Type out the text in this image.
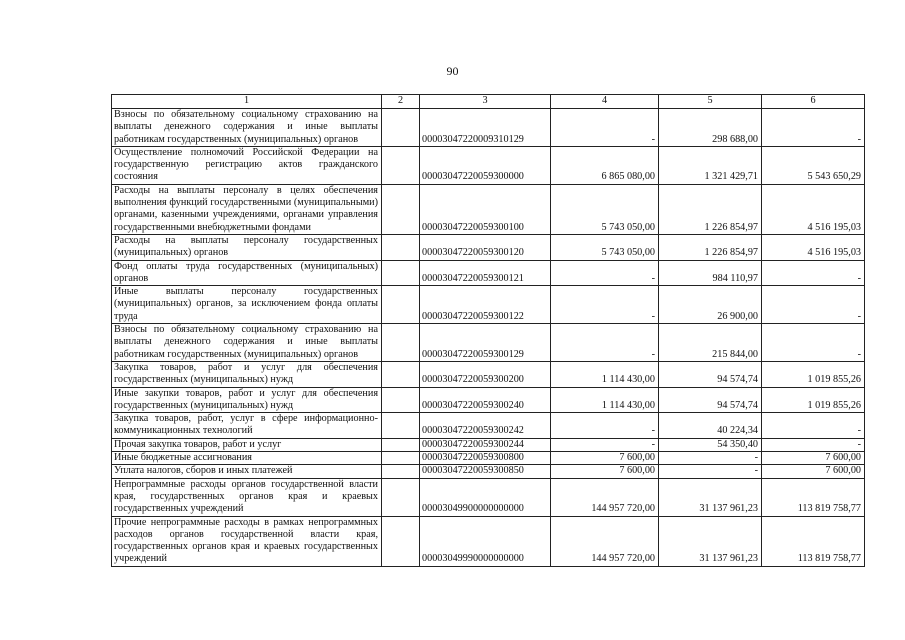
90
1	2	3	4	5	6
Взносы по обязательному социальному страхованию на выплаты денежного содержания и иные выплаты работникам государственных (муниципальных) органов		00003047220009310129	-	298 688,00	-
Осуществление полномочий Российской Федерации на государственную регистрацию актов гражданского состояния		00003047220059300000	6 865 080,00	1 321 429,71	5 543 650,29
Расходы на выплаты персоналу в целях обеспечения выполнения функций государственными (муниципальными) органами, казенными учреждениями, органами управления государственными внебюджетными фондами		00003047220059300100	5 743 050,00	1 226 854,97	4 516 195,03
Расходы на выплаты персоналу государственных (муниципальных) органов		00003047220059300120	5 743 050,00	1 226 854,97	4 516 195,03
Фонд оплаты труда государственных (муниципальных) органов		00003047220059300121	-	984 110,97	-
Иные выплаты персоналу государственных (муниципальных) органов, за исключением фонда оплаты труда		00003047220059300122	-	26 900,00	-
Взносы по обязательному социальному страхованию на выплаты денежного содержания и иные выплаты работникам государственных (муниципальных) органов		00003047220059300129	-	215 844,00	-
Закупка товаров, работ и услуг для обеспечения государственных (муниципальных) нужд		00003047220059300200	1 114 430,00	94 574,74	1 019 855,26
Иные закупки товаров, работ и услуг для обеспечения государственных (муниципальных) нужд		00003047220059300240	1 114 430,00	94 574,74	1 019 855,26
Закупка товаров, работ, услуг в сфере информационно-коммуникационных технологий		00003047220059300242	-	40 224,34	-
Прочая закупка товаров, работ и услуг		00003047220059300244	-	54 350,40	-
Иные бюджетные ассигнования		00003047220059300800	7 600,00	-	7 600,00
Уплата налогов, сборов и иных платежей		00003047220059300850	7 600,00	-	7 600,00
Непрограммные расходы органов государственной власти края, государственных органов края и краевых государственных учреждений		00003049900000000000	144 957 720,00	31 137 961,23	113 819 758,77
Прочие непрограммные расходы в рамках непрограммных расходов органов государственной власти края, государственных органов края и краевых государственных учреждений		00003049990000000000	144 957 720,00	31 137 961,23	113 819 758,77
